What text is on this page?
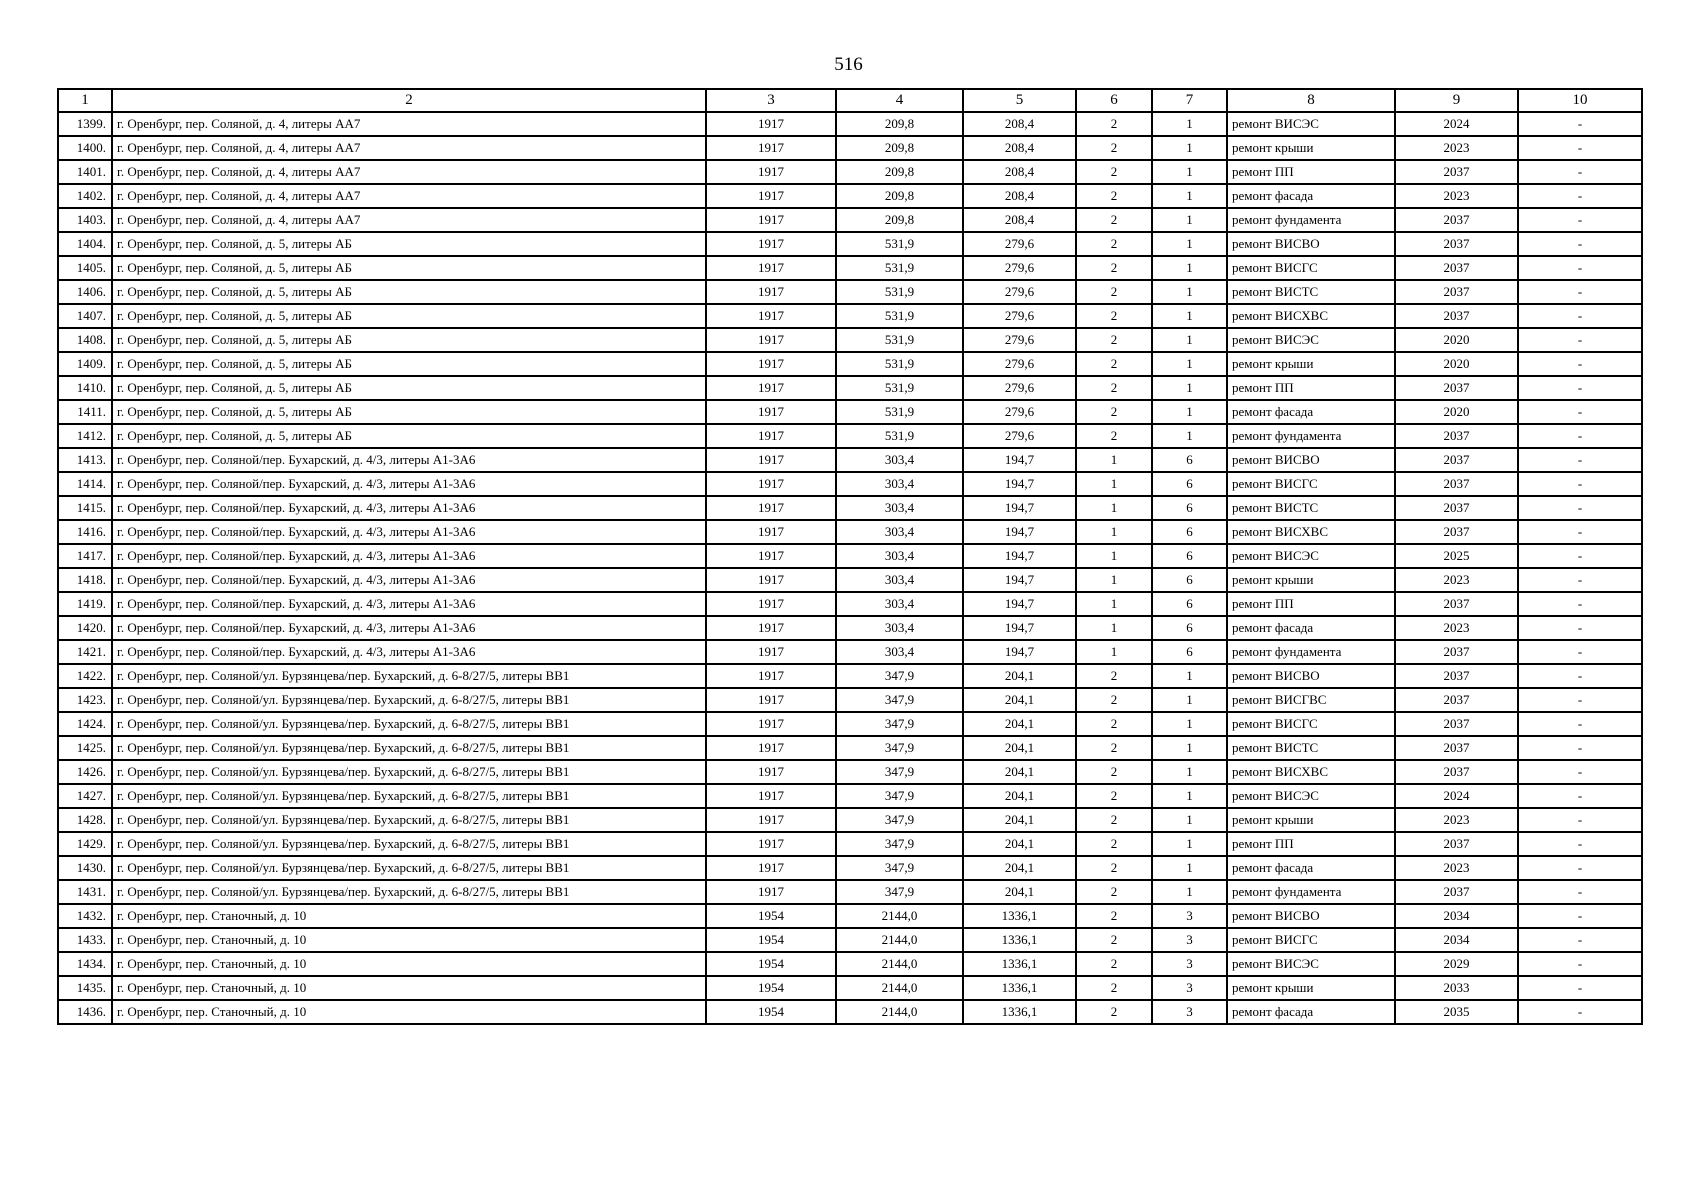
516
1	2	3	4	5	6	7	8	9	10
1399.	г. Оренбург, пер. Соляной, д. 4, литеры АА7	1917	209,8	208,4	2	1	ремонт ВИСЭС	2024	-
1400.	г. Оренбург, пер. Соляной, д. 4, литеры АА7	1917	209,8	208,4	2	1	ремонт крыши	2023	-
1401.	г. Оренбург, пер. Соляной, д. 4, литеры АА7	1917	209,8	208,4	2	1	ремонт ПП	2037	-
1402.	г. Оренбург, пер. Соляной, д. 4, литеры АА7	1917	209,8	208,4	2	1	ремонт фасада	2023	-
1403.	г. Оренбург, пер. Соляной, д. 4, литеры АА7	1917	209,8	208,4	2	1	ремонт фундамента	2037	-
1404.	г. Оренбург, пер. Соляной, д. 5, литеры АБ	1917	531,9	279,6	2	1	ремонт ВИСВО	2037	-
1405.	г. Оренбург, пер. Соляной, д. 5, литеры АБ	1917	531,9	279,6	2	1	ремонт ВИСГС	2037	-
1406.	г. Оренбург, пер. Соляной, д. 5, литеры АБ	1917	531,9	279,6	2	1	ремонт ВИСТС	2037	-
1407.	г. Оренбург, пер. Соляной, д. 5, литеры АБ	1917	531,9	279,6	2	1	ремонт ВИСХВС	2037	-
1408.	г. Оренбург, пер. Соляной, д. 5, литеры АБ	1917	531,9	279,6	2	1	ремонт ВИСЭС	2020	-
1409.	г. Оренбург, пер. Соляной, д. 5, литеры АБ	1917	531,9	279,6	2	1	ремонт крыши	2020	-
1410.	г. Оренбург, пер. Соляной, д. 5, литеры АБ	1917	531,9	279,6	2	1	ремонт ПП	2037	-
1411.	г. Оренбург, пер. Соляной, д. 5, литеры АБ	1917	531,9	279,6	2	1	ремонт фасада	2020	-
1412.	г. Оренбург, пер. Соляной, д. 5, литеры АБ	1917	531,9	279,6	2	1	ремонт фундамента	2037	-
1413.	г. Оренбург, пер. Соляной/пер. Бухарский, д. 4/3, литеры А1-3А6	1917	303,4	194,7	1	6	ремонт ВИСВО	2037	-
1414.	г. Оренбург, пер. Соляной/пер. Бухарский, д. 4/3, литеры А1-3А6	1917	303,4	194,7	1	6	ремонт ВИСГС	2037	-
1415.	г. Оренбург, пер. Соляной/пер. Бухарский, д. 4/3, литеры А1-3А6	1917	303,4	194,7	1	6	ремонт ВИСТС	2037	-
1416.	г. Оренбург, пер. Соляной/пер. Бухарский, д. 4/3, литеры А1-3А6	1917	303,4	194,7	1	6	ремонт ВИСХВС	2037	-
1417.	г. Оренбург, пер. Соляной/пер. Бухарский, д. 4/3, литеры А1-3А6	1917	303,4	194,7	1	6	ремонт ВИСЭС	2025	-
1418.	г. Оренбург, пер. Соляной/пер. Бухарский, д. 4/3, литеры А1-3А6	1917	303,4	194,7	1	6	ремонт крыши	2023	-
1419.	г. Оренбург, пер. Соляной/пер. Бухарский, д. 4/3, литеры А1-3А6	1917	303,4	194,7	1	6	ремонт ПП	2037	-
1420.	г. Оренбург, пер. Соляной/пер. Бухарский, д. 4/3, литеры А1-3А6	1917	303,4	194,7	1	6	ремонт фасада	2023	-
1421.	г. Оренбург, пер. Соляной/пер. Бухарский, д. 4/3, литеры А1-3А6	1917	303,4	194,7	1	6	ремонт фундамента	2037	-
1422.	г. Оренбург, пер. Соляной/ул. Бурзянцева/пер. Бухарский, д. 6-8/27/5, литеры ВВ1	1917	347,9	204,1	2	1	ремонт ВИСВО	2037	-
1423.	г. Оренбург, пер. Соляной/ул. Бурзянцева/пер. Бухарский, д. 6-8/27/5, литеры ВВ1	1917	347,9	204,1	2	1	ремонт ВИСГВС	2037	-
1424.	г. Оренбург, пер. Соляной/ул. Бурзянцева/пер. Бухарский, д. 6-8/27/5, литеры ВВ1	1917	347,9	204,1	2	1	ремонт ВИСГС	2037	-
1425.	г. Оренбург, пер. Соляной/ул. Бурзянцева/пер. Бухарский, д. 6-8/27/5, литеры ВВ1	1917	347,9	204,1	2	1	ремонт ВИСТС	2037	-
1426.	г. Оренбург, пер. Соляной/ул. Бурзянцева/пер. Бухарский, д. 6-8/27/5, литеры ВВ1	1917	347,9	204,1	2	1	ремонт ВИСХВС	2037	-
1427.	г. Оренбург, пер. Соляной/ул. Бурзянцева/пер. Бухарский, д. 6-8/27/5, литеры ВВ1	1917	347,9	204,1	2	1	ремонт ВИСЭС	2024	-
1428.	г. Оренбург, пер. Соляной/ул. Бурзянцева/пер. Бухарский, д. 6-8/27/5, литеры ВВ1	1917	347,9	204,1	2	1	ремонт крыши	2023	-
1429.	г. Оренбург, пер. Соляной/ул. Бурзянцева/пер. Бухарский, д. 6-8/27/5, литеры ВВ1	1917	347,9	204,1	2	1	ремонт ПП	2037	-
1430.	г. Оренбург, пер. Соляной/ул. Бурзянцева/пер. Бухарский, д. 6-8/27/5, литеры ВВ1	1917	347,9	204,1	2	1	ремонт фасада	2023	-
1431.	г. Оренбург, пер. Соляной/ул. Бурзянцева/пер. Бухарский, д. 6-8/27/5, литеры ВВ1	1917	347,9	204,1	2	1	ремонт фундамента	2037	-
1432.	г. Оренбург, пер. Станочный, д. 10	1954	2144,0	1336,1	2	3	ремонт ВИСВО	2034	-
1433.	г. Оренбург, пер. Станочный, д. 10	1954	2144,0	1336,1	2	3	ремонт ВИСГС	2034	-
1434.	г. Оренбург, пер. Станочный, д. 10	1954	2144,0	1336,1	2	3	ремонт ВИСЭС	2029	-
1435.	г. Оренбург, пер. Станочный, д. 10	1954	2144,0	1336,1	2	3	ремонт крыши	2033	-
1436.	г. Оренбург, пер. Станочный, д. 10	1954	2144,0	1336,1	2	3	ремонт фасада	2035	-
